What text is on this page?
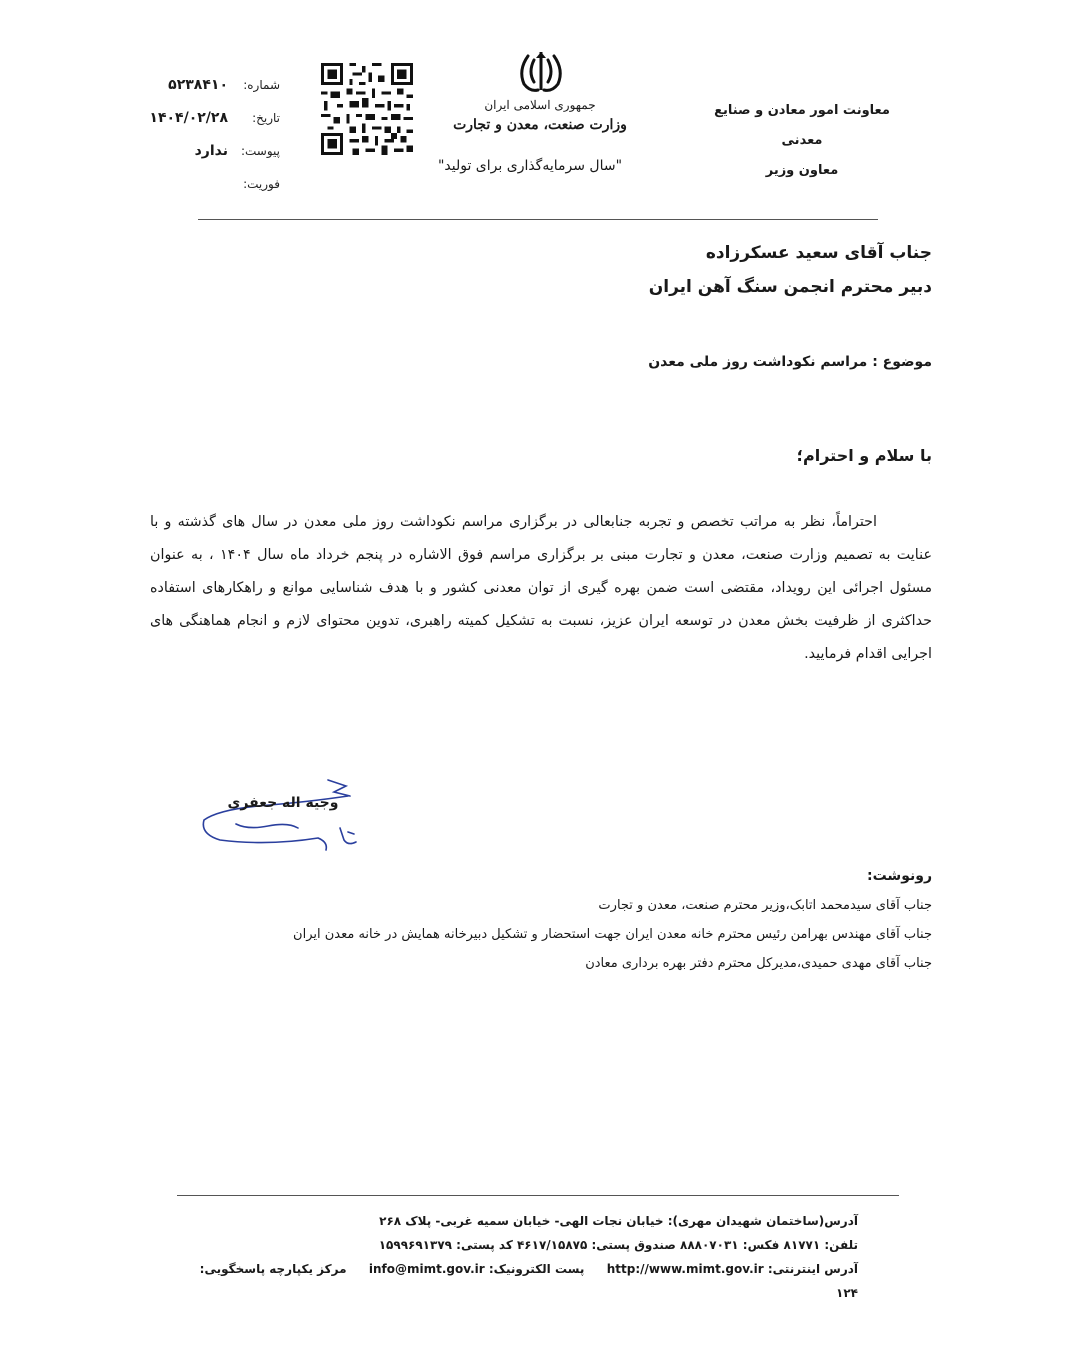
معاونت امور معادن و صنایع معدنی
معاون وزیر
جمهوری اسلامی ایران
وزارت صنعت، معدن و تجارت
"سال سرمایه‌گذاری برای تولید"
شماره:
۵۲۳۸۴۱۰
تاریخ:
۱۴۰۴/۰۲/۲۸
پیوست:
ندارد
فوریت:
جناب آقای سعید عسکرزاده
دبیر محترم انجمن سنگ آهن ایران
موضوع : مراسم نکوداشت روز ملی معدن
با سلام و احترام؛

احتراماً، نظر به مراتب تخصص و تجربه جنابعالی در برگزاری مراسم نکوداشت روز ملی معدن در سال های گذشته و با عنایت به تصمیم وزارت صنعت، معدن و تجارت مبنی بر برگزاری مراسم فوق الاشاره در پنجم خرداد ماه سال ۱۴۰۴ ، به عنوان مسئول اجرائی این رویداد، مقتضی است ضمن بهره گیری از توان معدنی کشور و با هدف شناسایی موانع و راهکارهای استفاده حداکثری از ظرفیت بخش معدن در توسعه ایران عزیز، نسبت به تشکیل کمیته راهبری، تدوین محتوای لازم و انجام هماهنگی های اجرایی اقدام فرمایید.

وجیه اله جعفری
رونوشت:
جناب آقای سیدمحمد اتابک،وزیر محترم صنعت، معدن و تجارت
جناب آقای مهندس بهرامن رئیس محترم خانه معدن ایران جهت استحضار و تشکیل دبیرخانه همایش در خانه معدن ایران
جناب آقای مهدی حمیدی،مدیرکل محترم دفتر بهره برداری معادن
آدرس(ساختمان شهیدان مهری): خیابان نجات الهی- خیابان سمیه غربی- پلاک ۲۶۸
تلفن: ۸۱۷۷۱ فکس: ۸۸۸۰۷۰۳۱ صندوق پستی: ۴۶۱۷/۱۵۸۷۵ کد پستی: ۱۵۹۹۶۹۱۳۷۹
آدرس اینترنتی: http://www.mimt.gov.ir  پست الکترونیک: info@mimt.gov.ir  مرکز یکپارچه پاسخگویی: ۱۲۴
